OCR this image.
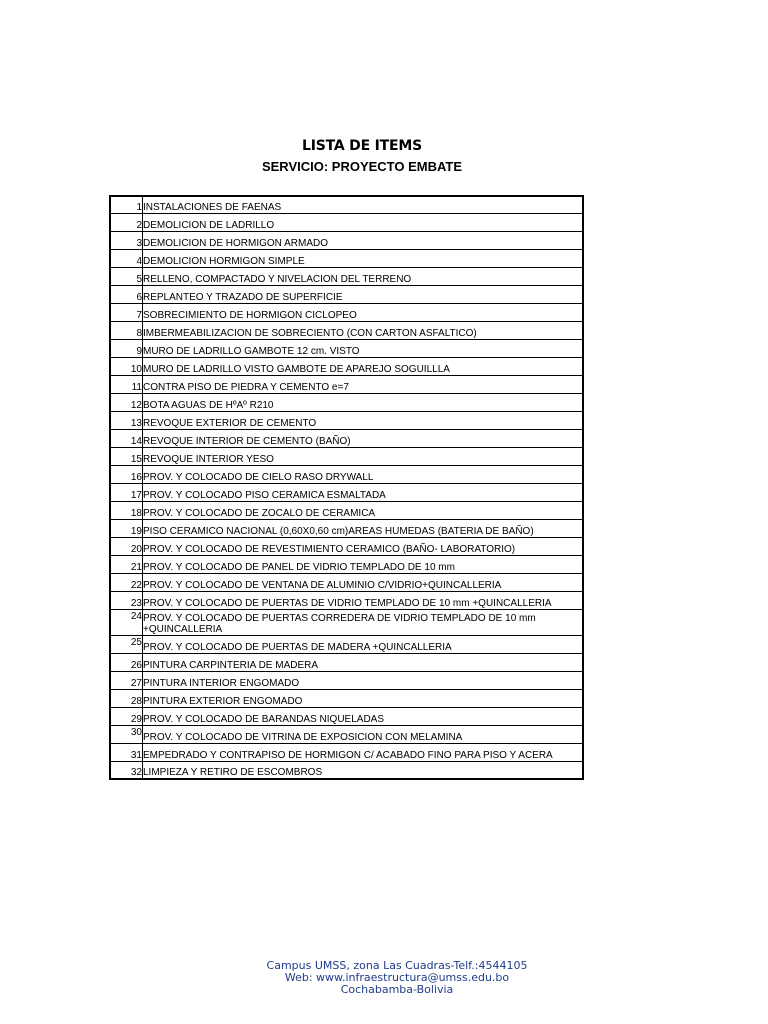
LISTA DE ITEMS
SERVICIO: PROYECTO EMBATE
1	INSTALACIONES DE FAENAS
2	DEMOLICION DE LADRILLO
3	DEMOLICION DE HORMIGON ARMADO
4	DEMOLICION HORMIGON SIMPLE
5	RELLENO, COMPACTADO Y NIVELACION DEL TERRENO
6	REPLANTEO Y TRAZADO DE SUPERFICIE
7	SOBRECIMIENTO DE HORMIGON CICLOPEO
8	IMBERMEABILIZACION DE SOBRECIENTO (CON CARTON ASFALTICO)
9	MURO DE LADRILLO GAMBOTE 12 cm. VISTO
10	MURO DE LADRILLO VISTO GAMBOTE DE APAREJO SOGUILLLA
11	CONTRA PISO DE PIEDRA Y CEMENTO e=7
12	BOTA AGUAS DE HºAº R210
13	REVOQUE EXTERIOR DE CEMENTO
14	REVOQUE INTERIOR DE CEMENTO (BAÑO)
15	REVOQUE INTERIOR YESO
16	PROV. Y COLOCADO DE CIELO RASO DRYWALL
17	PROV. Y COLOCADO PISO CERAMICA ESMALTADA
18	PROV. Y COLOCADO DE ZOCALO DE CERAMICA
19	PISO CERAMICO NACIONAL (0,60X0,60 cm)AREAS HUMEDAS (BATERIA DE BAÑO)
20	PROV. Y COLOCADO DE REVESTIMIENTO CERAMICO (BAÑO- LABORATORIO)
21	PROV. Y COLOCADO DE PANEL DE VIDRIO TEMPLADO DE 10 mm
22	PROV. Y COLOCADO DE VENTANA DE ALUMINIO C/VIDRIO+QUINCALLERIA
23	PROV. Y COLOCADO DE PUERTAS DE VIDRIO TEMPLADO DE 10 mm +QUINCALLERIA
24	PROV. Y COLOCADO DE PUERTAS CORREDERA DE VIDRIO TEMPLADO DE 10 mm +QUINCALLERIA
25	PROV. Y COLOCADO DE PUERTAS DE MADERA +QUINCALLERIA
26	PINTURA CARPINTERIA DE MADERA
27	PINTURA INTERIOR ENGOMADO
28	PINTURA EXTERIOR ENGOMADO
29	PROV. Y COLOCADO DE BARANDAS NIQUELADAS
30	PROV. Y COLOCADO DE VITRINA DE EXPOSICION CON MELAMINA
31	EMPEDRADO Y CONTRAPISO DE HORMIGON C/ ACABADO FINO PARA PISO Y ACERA
32	LIMPIEZA Y RETIRO DE ESCOMBROS
Campus UMSS, zona Las Cuadras-Telf.:4544105
Web: www.infraestructura@umss.edu.bo
Cochabamba-Bolivia
